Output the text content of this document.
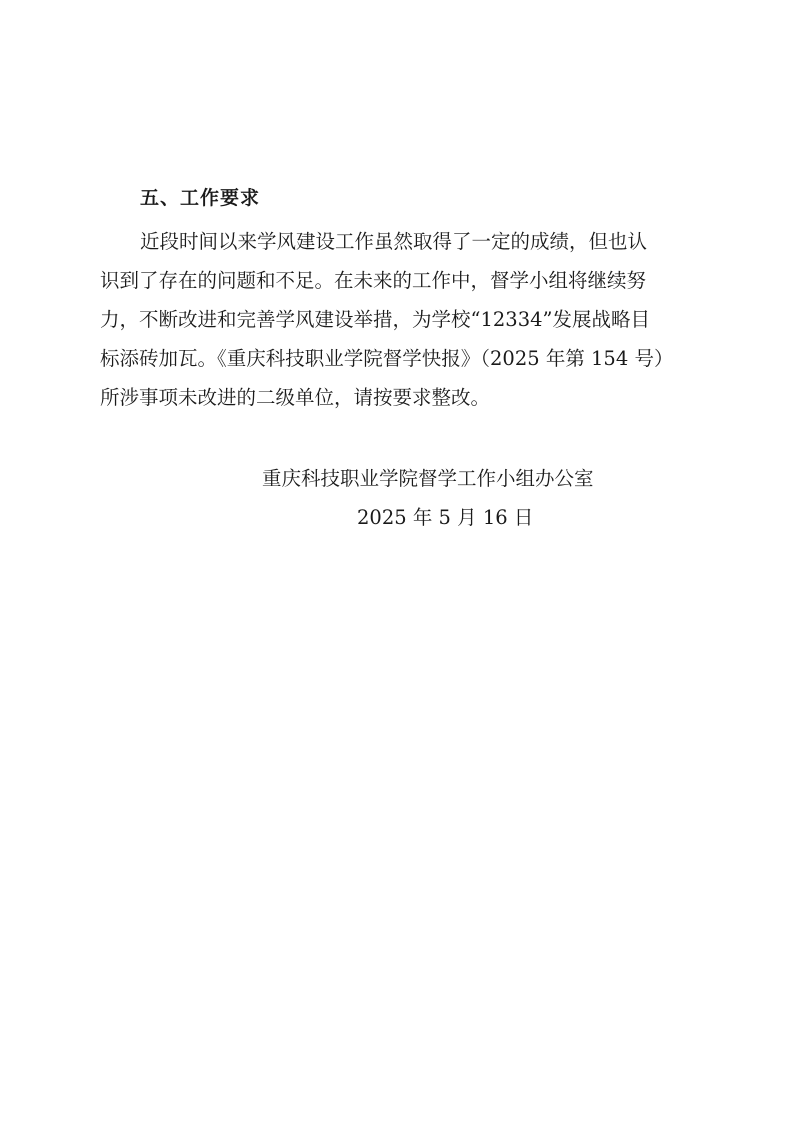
五、工作要求
近段时间以来学风建设工作虽然取得了一定的成绩，但也认
识到了存在的问题和不足。在未来的工作中，督学小组将继续努
力，不断改进和完善学风建设举措，为学校“12334”发展战略目
标添砖加瓦。《重庆科技职业学院督学快报》（2025 年第 154 号）
所涉事项未改进的二级单位，请按要求整改。

重庆科技职业学院督学工作小组办公室

2025 年 5 月 16 日
